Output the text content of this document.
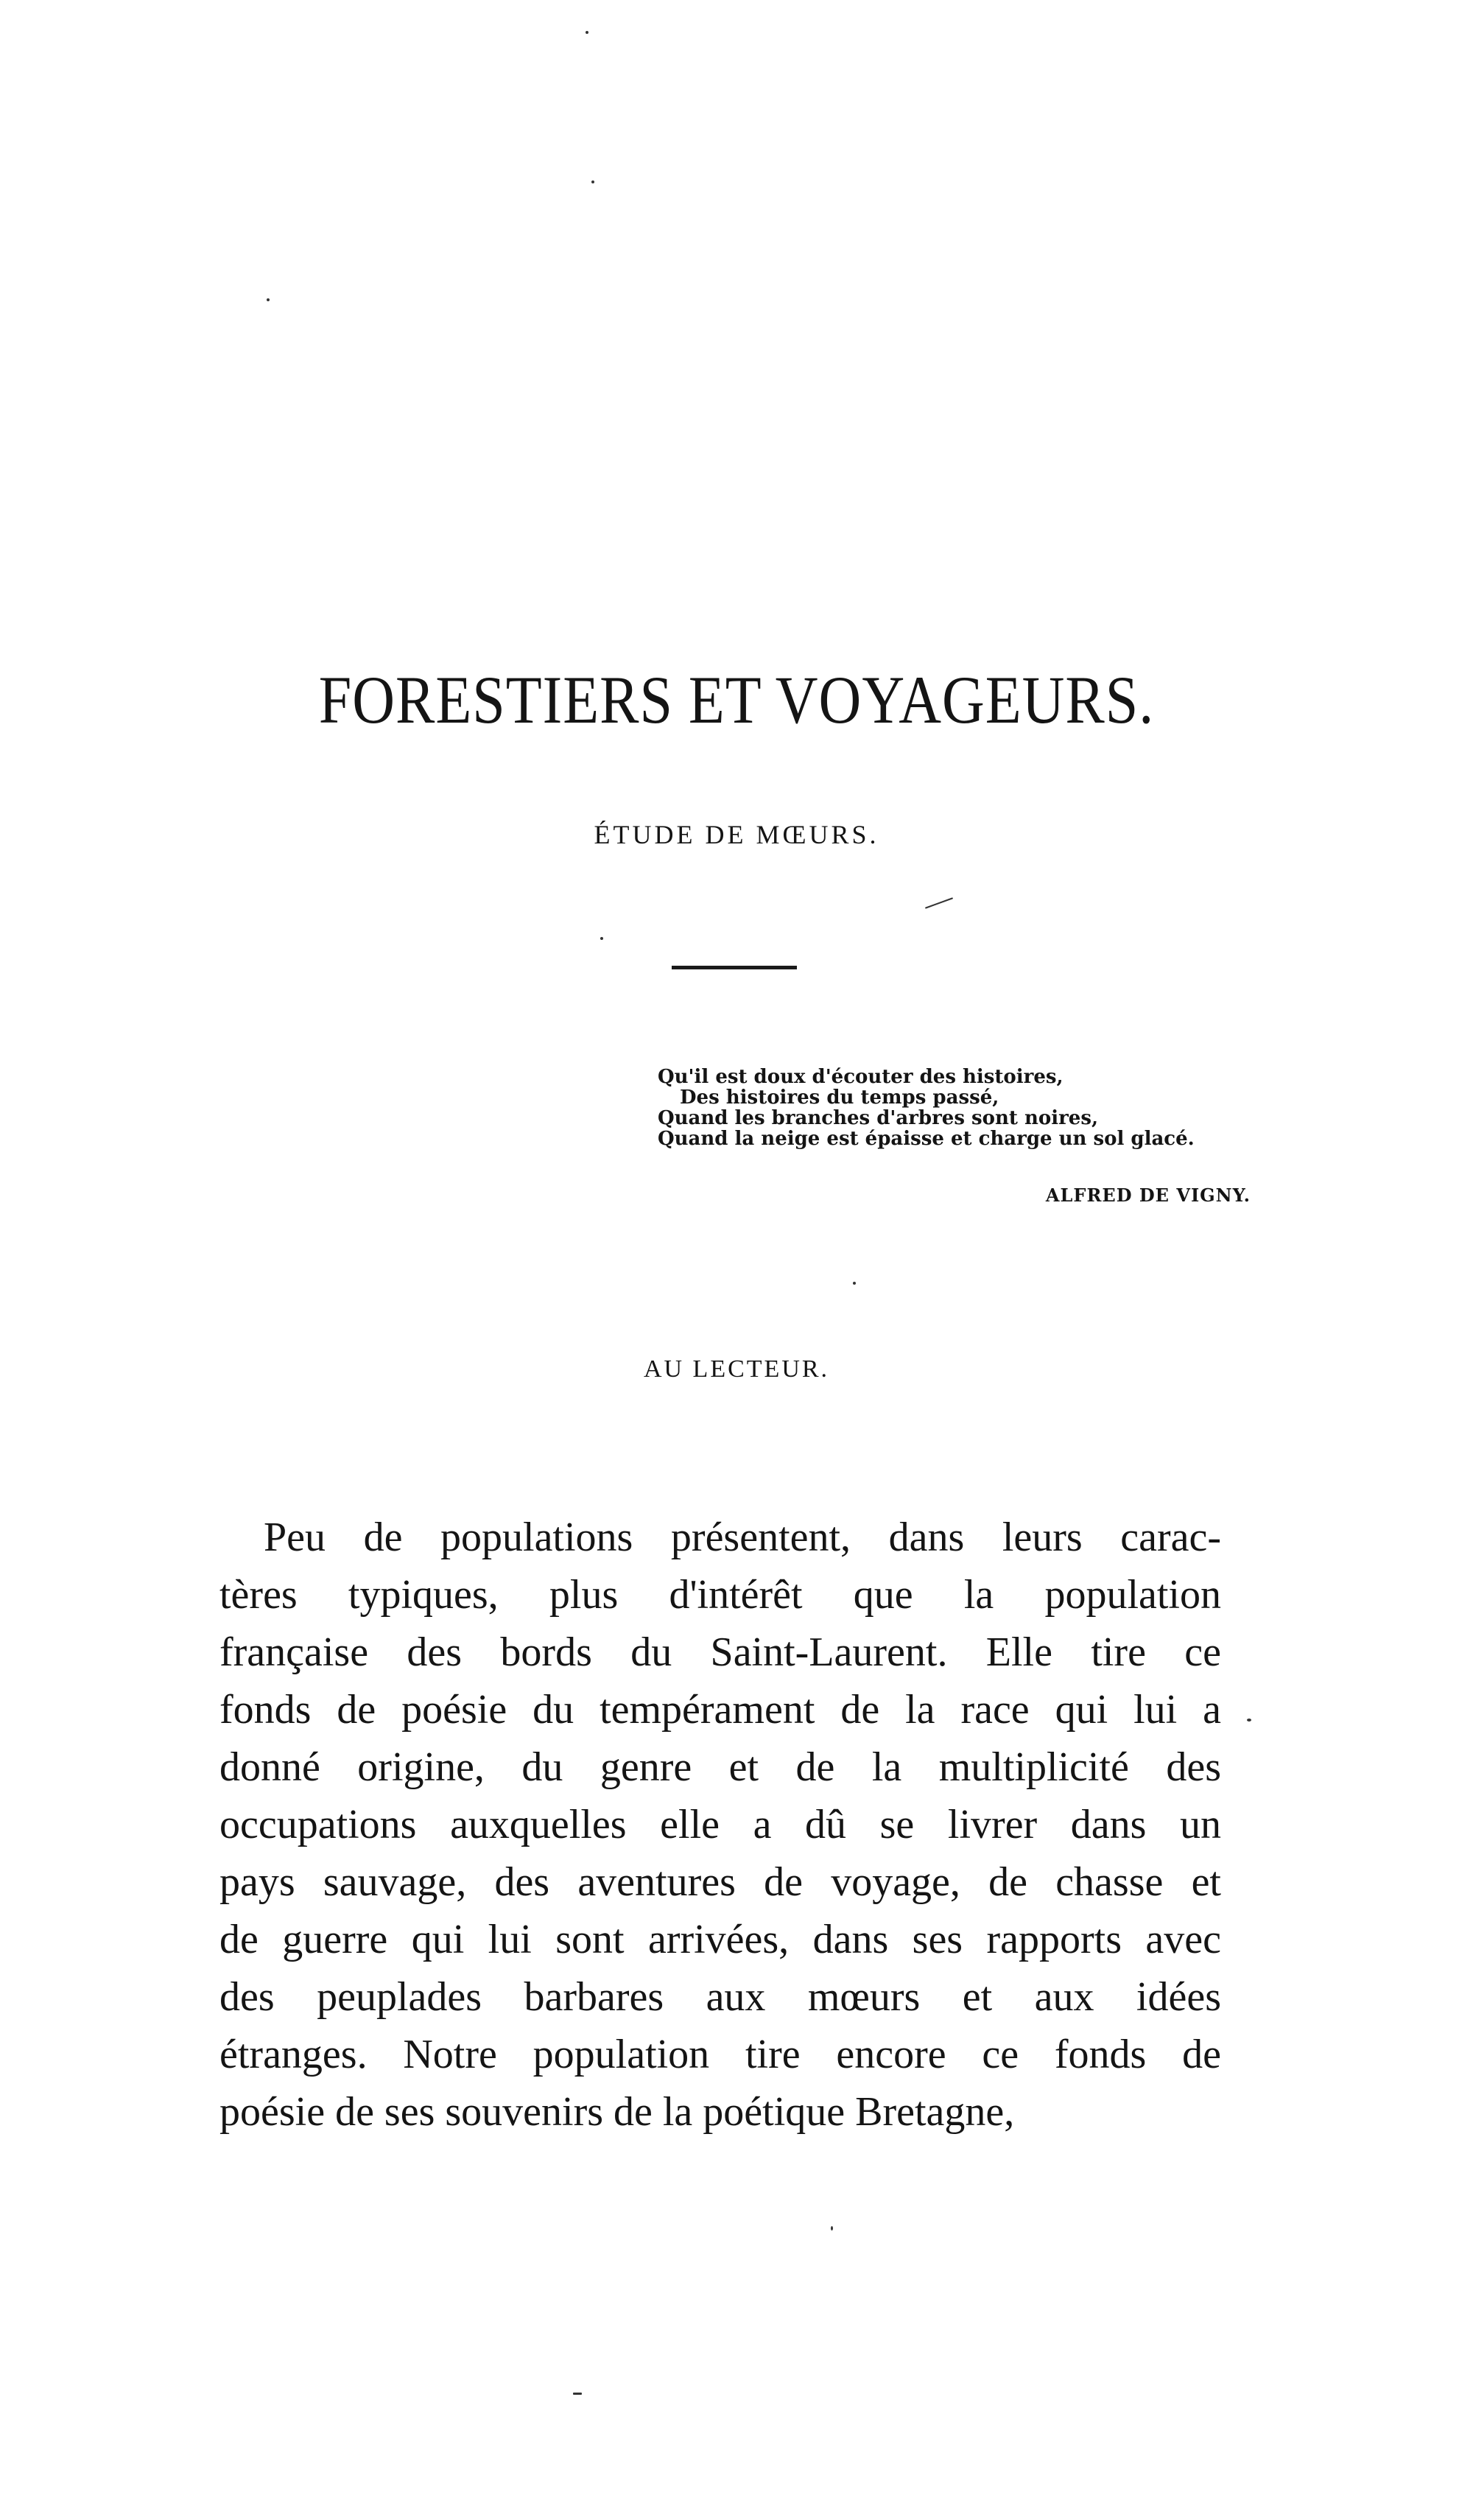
FORESTIERS ET VOYAGEURS.
ÉTUDE DE MŒURS.
Qu'il est doux d'écouter des histoires,
Des histoires du temps passé,
Quand les branches d'arbres sont noires,
Quand la neige est épaisse et charge un sol glacé.
ALFRED DE VIGNY.
AU LECTEUR.
Peu de populations présentent, dans leurs carac-
tères typiques, plus d'intérêt que la population
française des bords du Saint-Laurent. Elle tire ce
fonds de poésie du tempérament de la race qui lui a
donné origine, du genre et de la multiplicité des
occupations auxquelles elle a dû se livrer dans un
pays sauvage, des aventures de voyage, de chasse et
de guerre qui lui sont arrivées, dans ses rapports avec
des peuplades barbares aux mœurs et aux idées
étranges. Notre population tire encore ce fonds de
poésie de ses souvenirs de la poétique Bretagne,
